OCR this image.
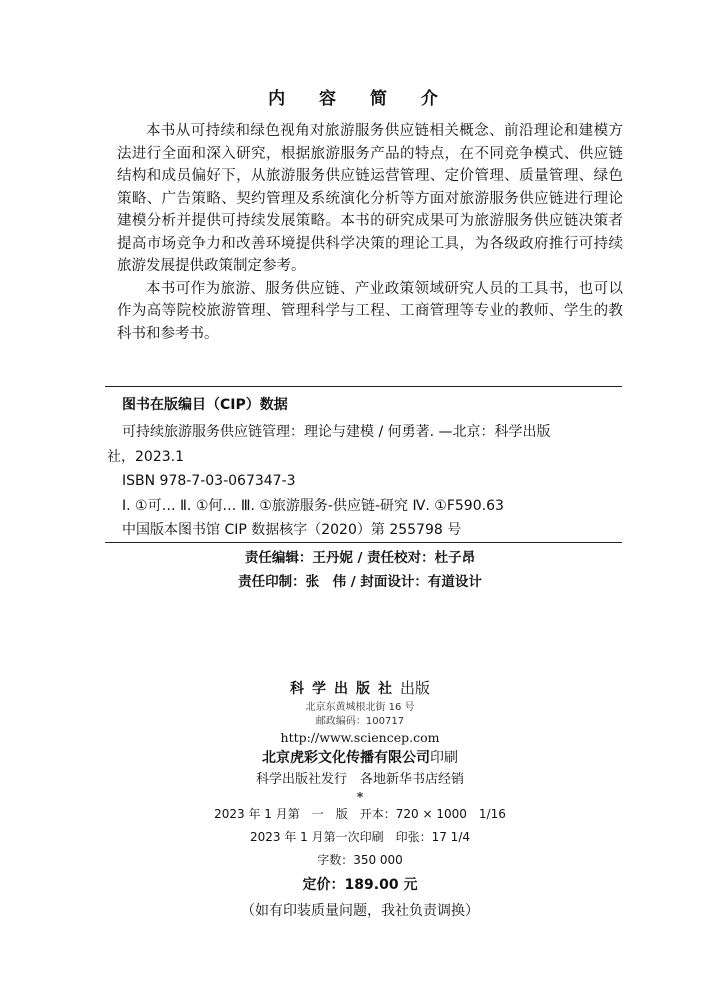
内 容 简 介

本书从可持续和绿色视角对旅游服务供应链相关概念、前沿理论和建模方法进行全面和深入研究，根据旅游服务产品的特点，在不同竞争模式、供应链结构和成员偏好下，从旅游服务供应链运营管理、定价管理、质量管理、绿色策略、广告策略、契约管理及系统演化分析等方面对旅游服务供应链进行理论建模分析并提供可持续发展策略。本书的研究成果可为旅游服务供应链决策者提高市场竞争力和改善环境提供科学决策的理论工具，为各级政府推行可持续旅游发展提供政策制定参考。

本书可作为旅游、服务供应链、产业政策领域研究人员的工具书，也可以作为高等院校旅游管理、管理科学与工程、工商管理等专业的教师、学生的教科书和参考书。

图书在版编目（CIP）数据
可持续旅游服务供应链管理：理论与建模 / 何勇著. —北京：科学出版
社，2023.1
ISBN 978-7-03-067347-3
Ⅰ. ①可… Ⅱ. ①何… Ⅲ. ①旅游服务-供应链-研究 Ⅳ. ①F590.63
中国版本图书馆 CIP 数据核字（2020）第 255798 号
责任编辑：王丹妮 / 责任校对：杜子昂
责任印制：张　伟 / 封面设计：有道设计
科学出版社出版
北京东黄城根北街 16 号
邮政编码：100717
http://www.sciencep.com
北京虎彩文化传播有限公司印刷
科学出版社发行　各地新华书店经销
*
2023 年 1 月第　一　版　开本：720 × 1000　1/16
2023 年 1 月第一次印刷　印张：17 1/4
字数：350 000
定价：189.00 元
（如有印装质量问题，我社负责调换）
